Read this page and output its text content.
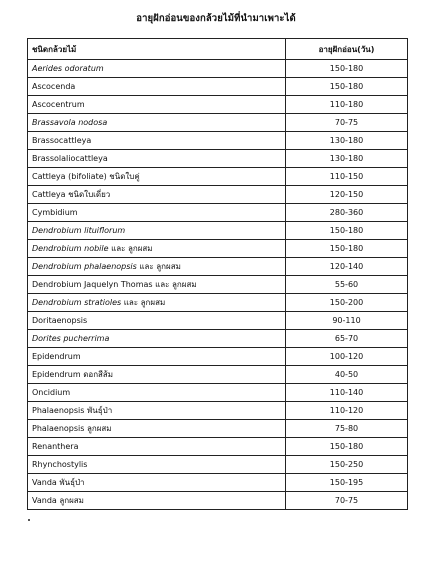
อายุฝักอ่อนของกล้วยไม้ที่นำมาเพาะได้
ชนิดกล้วยไม้	อายุฝักอ่อน(วัน)
Aerides odoratum	150-180
Ascocenda	150-180
Ascocentrum	110-180
Brassavola nodosa	70-75
Brassocattleya	130-180
Brassolaliocattleya	130-180
Cattleya (bifoliate) ชนิดใบคู่	110-150
Cattleya ชนิดใบเดี่ยว	120-150
Cymbidium	280-360
Dendrobium lituiflorum	150-180
Dendrobium nobile และ ลูกผสม	150-180
Dendrobium phalaenopsis และ ลูกผสม	120-140
Dendrobium Jaquelyn Thomas และ ลูกผสม	55-60
Dendrobium stratioles และ ลูกผสม	150-200
Doritaenopsis	90-110
Dorites pucherrima	65-70
Epidendrum	100-120
Epidendrum ดอกสีส้ม	40-50
Oncidium	110-140
Phalaenopsis พันธุ์ป่า	110-120
Phalaenopsis ลูกผสม	75-80
Renanthera	150-180
Rhynchostylis	150-250
Vanda พันธุ์ป่า	150-195
Vanda ลูกผสม	70-75
